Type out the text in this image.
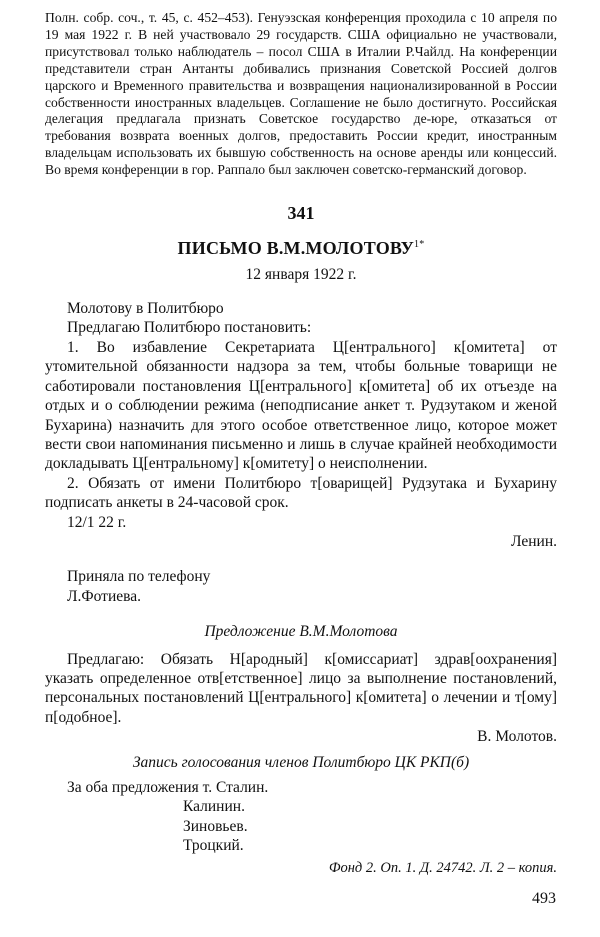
Полн. собр. соч., т. 45, с. 452–453). Генуэзская конференция проходила с 10 апреля по 19 мая 1922 г. В ней участвовало 29 государств. США официально не участвовали, присутствовал только наблюдатель – посол США в Италии Р.Чайлд. На конференции представители стран Антанты добивались признания Советской Россией долгов царского и Временного правительства и возвращения национализированной в России собственности иностранных владельцев. Соглашение не было достигнуто. Российская делегация предлагала признать Советское государство де-юре, отказаться от требования возврата военных долгов, предоставить России кредит, иностранным владельцам использовать их бывшую собственность на основе аренды или концессий. Во время конференции в гор. Раппало был заключен советско-германский договор.

341
ПИСЬМО $В.М.МОЛОТОВУ^{1*}$
12 января 1922 г.

Молотову в Политбюро

Предлагаю Политбюро постановить:

1. Во избавление Секретариата Ц[ентрального] к[омитета] от утомительной обязанности надзора за тем, чтобы больные товарищи не саботировали постановления Ц[ентрального] к[омитета] об их отъезде на отдых и о соблюдении режима (неподписание анкет т. Рудзутаком и женой Бухарина) назначить для этого особое ответственное лицо, которое может вести свои напоминания письменно и лишь в случае крайней необходимости докладывать Ц[ентральному] к[омитету] о неисполнении.

2. Обязать от имени Политбюро т[оварищей] Рудзутака и Бухарину подписать анкеты в 24-часовой срок.

12/1 22 г.

Ленин.

Приняла по телефону

Л.Фотиева.

Предложение В.М.Молотова

Предлагаю: Обязать Н[ародный] к[омиссариат] здрав[оохранения] указать определенное отв[етственное] лицо за выполнение постановлений, персональных постановлений Ц[ентрального] к[омитета] о лечении и т[ому] п[одобное].

В. Молотов.

Запись голосования членов Политбюро ЦК РКП(б)

За оба предложения т. Сталин.

Калинин.

Зиновьев.

Троцкий.

Фонд 2. Оп. 1. Д. 24742. Л. 2 – копия.

493
